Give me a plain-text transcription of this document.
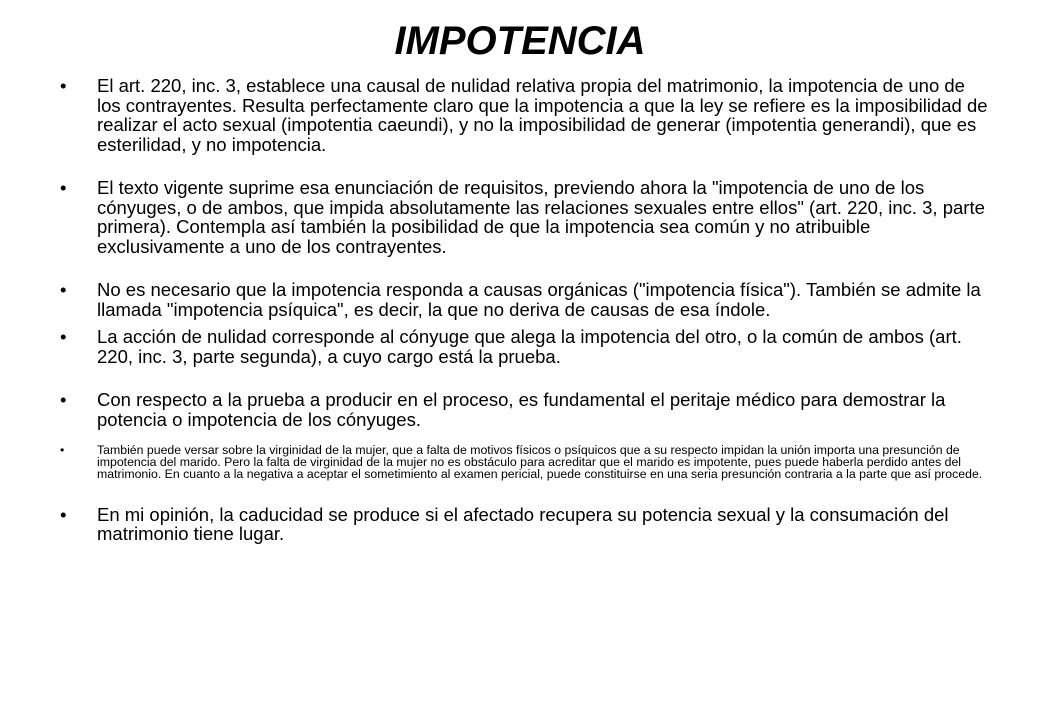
IMPOTENCIA
• El art. 220, inc. 3, establece una causal de nulidad relativa propia del matrimonio, la impotencia de uno de los contrayentes. Resulta perfectamente claro que la impotencia a que la ley se refiere es la imposibilidad de realizar el acto sexual (impotentia caeundi), y no la imposibilidad de generar (impotentia generandi), que es esterilidad, y no impotencia.
• El texto vigente suprime esa enunciación de requisitos, previendo ahora la "impotencia de uno de los cónyuges, o de ambos, que impida absolutamente las relaciones sexuales entre ellos" (art. 220, inc. 3, parte primera). Contempla así también la posibilidad de que la impotencia sea común y no atribuible exclusivamente a uno de los contrayentes.
• No es necesario que la impotencia responda a causas orgánicas ("impotencia física"). También se admite la llamada "impotencia psíquica", es decir, la que no deriva de causas de esa índole.
• La acción de nulidad corresponde al cónyuge que alega la impotencia del otro, o la común de ambos (art. 220, inc. 3, parte segunda), a cuyo cargo está la prueba.
• Con respecto a la prueba a producir en el proceso, es fundamental el peritaje médico para demostrar la potencia o impotencia de los cónyuges.
•	También puede versar sobre la virginidad de la mujer, que a falta de motivos físicos o psíquicos que a su respecto impidan la unión importa una presunción de impotencia del marido. Pero la falta de virginidad de la mujer no es obstáculo para acreditar que el marido es impotente, pues puede haberla perdido antes del matrimonio. En cuanto a la negativa a aceptar el sometimiento al examen pericial, puede constituirse en una seria presunción contraria a la parte que así procede.
• En mi opinión, la caducidad se produce si el afectado recupera su potencia sexual y la consumación del matrimonio tiene lugar.
